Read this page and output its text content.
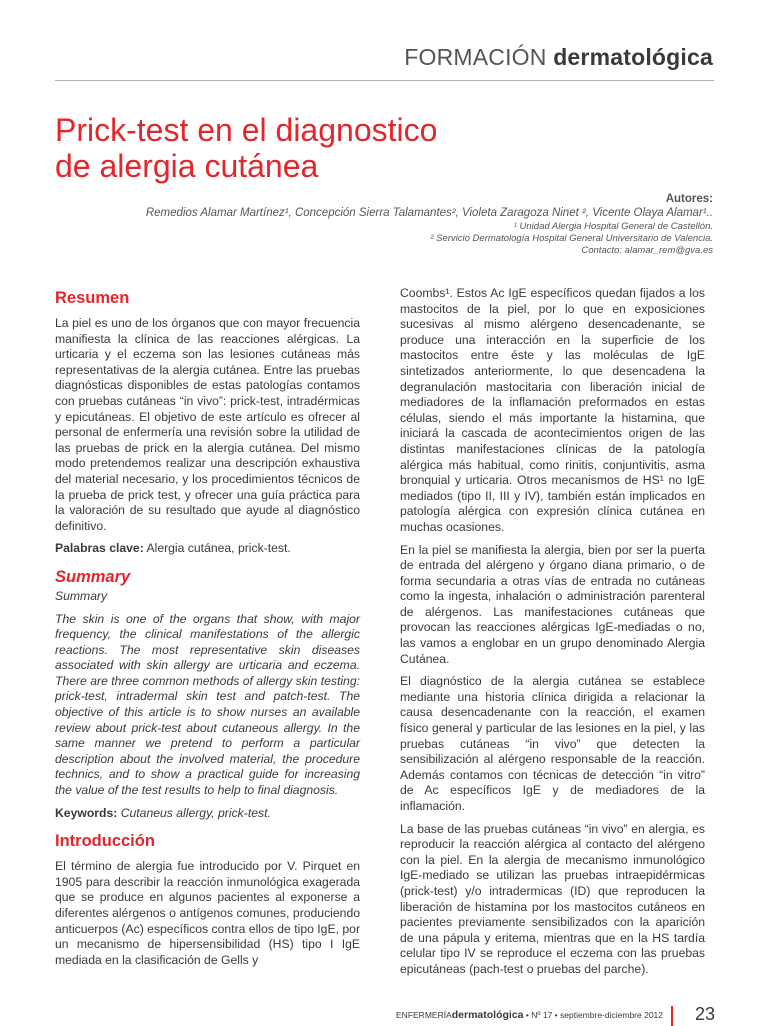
FORMACIÓN dermatológica
Prick-test en el diagnostico
de alergia cutánea
Autores:
Remedios Alamar Martínez¹, Concepción Sierra Talamantes², Violeta Zaragoza Ninet ², Vicente Olaya Alamar¹..
¹ Unidad Alergia Hospital General de Castellón.
² Servicio Dermatología Hospital General Universitario de Valencia.
Contacto: alamar_rem@gva.es
Resumen

La piel es uno de los órganos que con mayor frecuencia manifiesta la clínica de las reacciones alérgicas. La urticaria y el eczema son las lesiones cutáneas más representativas de la alergia cutánea. Entre las pruebas diagnósticas disponibles de estas patologías contamos con pruebas cutáneas “in vivo”: prick-test, intradérmicas y epicutáneas. El objetivo de este artículo es ofrecer al personal de enfermería una revisión sobre la utilidad de las pruebas de prick en la alergia cutánea. Del mismo modo pretendemos realizar una descripción exhaustiva del material necesario, y los procedimientos técnicos de la prueba de prick test, y ofrecer una guía práctica para la valoración de su resultado que ayude al diagnóstico definitivo.

Palabras clave: Alergia cutánea, prick-test.

Summary

Summary

The skin is one of the organs that show, with major frequency, the clinical manifestations of the allergic reactions. The most representative skin diseases associated with skin allergy are urticaria and eczema. There are three common methods of allergy skin testing: prick-test, intradermal skin test and patch-test. The objective of this article is to show nurses an available review about prick-test about cutaneous allergy. In the same manner we pretend to perform a particular description about the involved material, the procedure technics, and to show a practical guide for increasing the value of the test results to help to final diagnosis.

Keywords: Cutaneus allergy, prick-test.

Introducción

El término de alergia fue introducido por V. Pirquet en 1905 para describir la reacción inmunológica exagerada que se produce en algunos pacientes al exponerse a diferentes alérgenos o antígenos comunes, produciendo anticuerpos (Ac) específicos contra ellos de tipo IgE, por un mecanismo de hipersensibilidad (HS) tipo I IgE mediada en la clasificación de Gells y

Coombs¹. Estos Ac IgE específicos quedan fijados a los mastocitos de la piel, por lo que en exposiciones sucesivas al mismo alérgeno desencadenante, se produce una interacción en la superficie de los mastocitos entre éste y las moléculas de IgE sintetizados anteriormente, lo que desencadena la degranulación mastocitaria con liberación inicial de mediadores de la inflamación preformados en estas células, siendo el más importante la histamina, que iniciará la cascada de acontecimientos origen de las distintas manifestaciones clínicas de la patología alérgica más habitual, como rinitis, conjuntivitis, asma bronquial y urticaria. Otros mecanismos de HS¹ no IgE mediados (tipo II, III y IV), también están implicados en patología alérgica con expresión clínica cutánea en muchas ocasiones.

En la piel se manifiesta la alergia, bien por ser la puerta de entrada del alérgeno y órgano diana primario, o de forma secundaria a otras vías de entrada no cutáneas como la ingesta, inhalación o administración parenteral de alérgenos. Las manifestaciones cutáneas que provocan las reacciones alérgicas IgE-mediadas o no, las vamos a englobar en un grupo denominado Alergia Cutánea.

El diagnóstico de la alergia cutánea se establece mediante una historia clínica dirigida a relacionar la causa desencadenante con la reacción, el examen físico general y particular de las lesiones en la piel, y las pruebas cutáneas “in vivo” que detecten la sensibilización al alérgeno responsable de la reacción. Además contamos con técnicas de detección “in vitro” de Ac específicos IgE y de mediadores de la inflamación.

La base de las pruebas cutáneas “in vivo” en alergia, es reproducir la reacción alérgica al contacto del alérgeno con la piel. En la alergia de mecanismo inmunológico IgE-mediado se utilizan las pruebas intraepidérmicas (prick-test) y/o intradermicas (ID) que reproducen la liberación de histamina por los mastocitos cutáneos en pacientes previamente sensibilizados con la aparición de una pápula y eritema, mientras que en la HS tardía celular tipo IV se reproduce el eczema con las pruebas epicutáneas (pach-test o pruebas del parche).

ENFERMERÍAdermatológica • Nº 17 • septiembre-diciembre 2012 23
